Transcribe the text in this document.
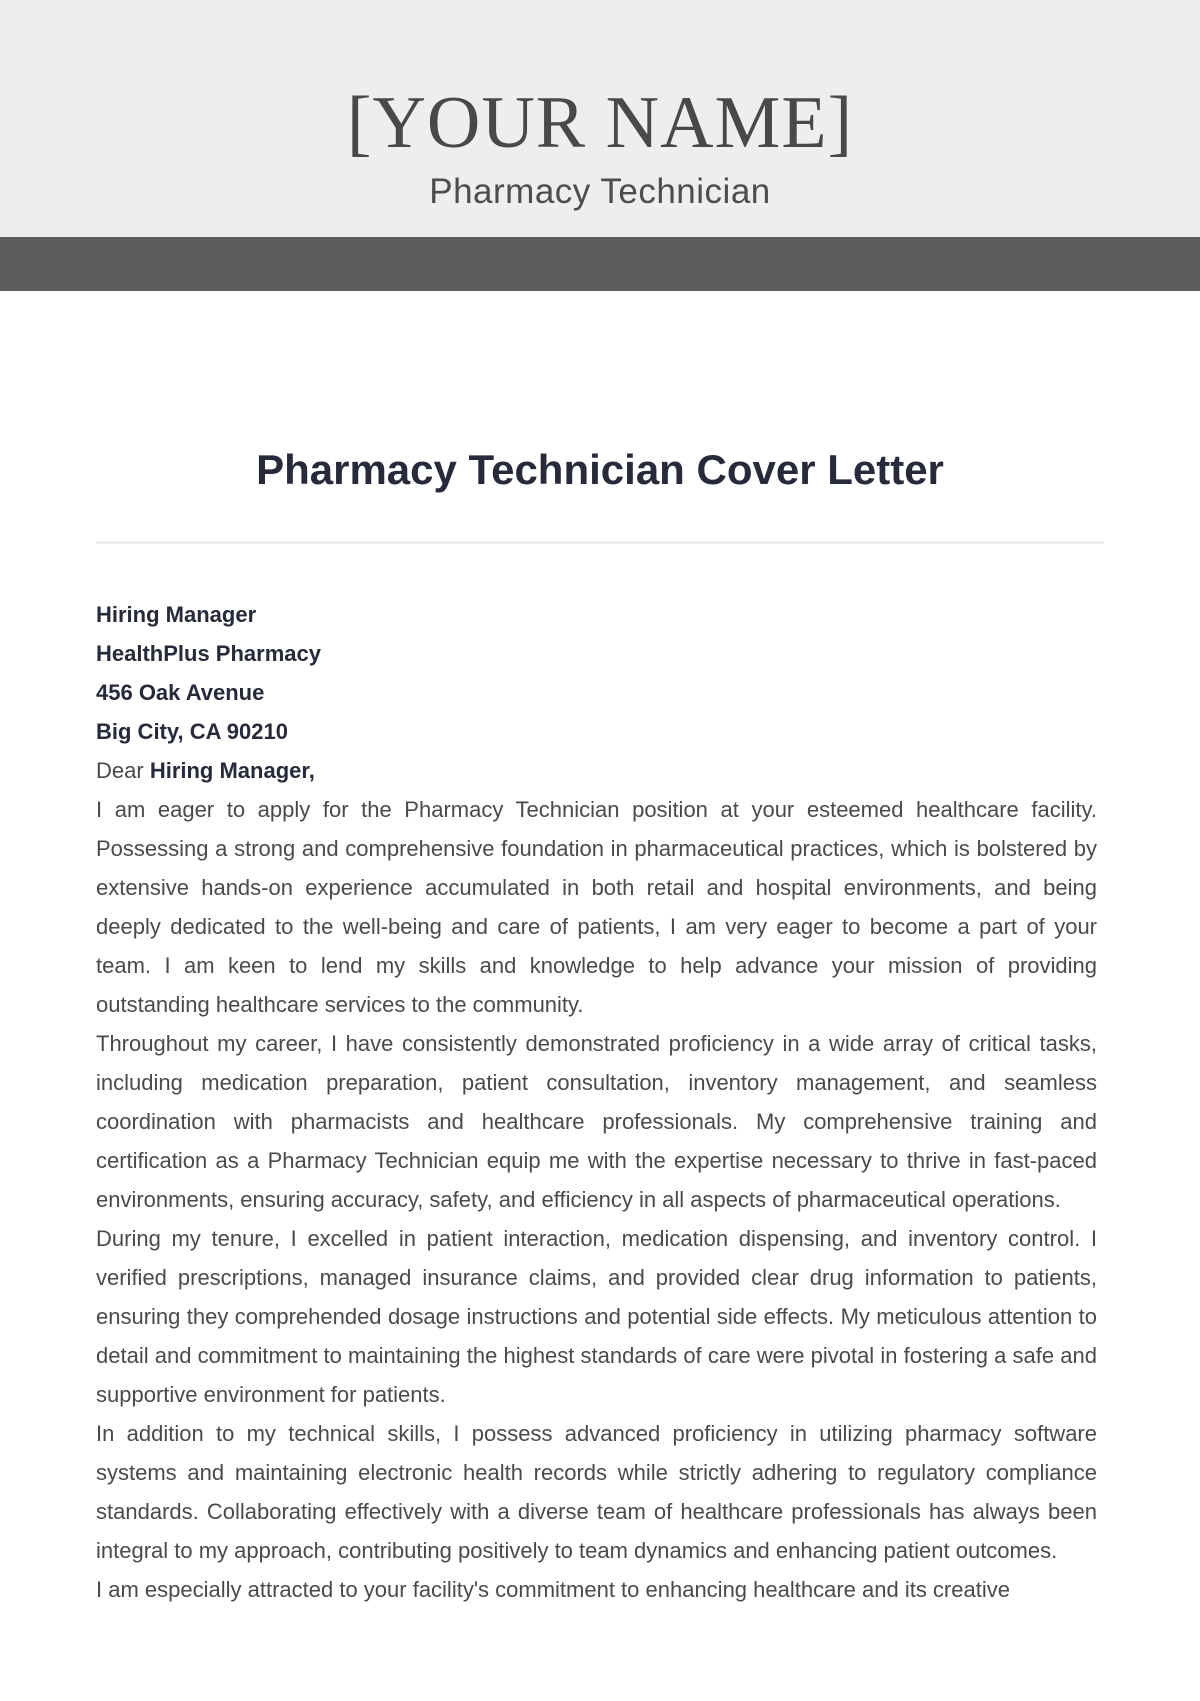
[YOUR NAME]
Pharmacy Technician
Pharmacy Technician Cover Letter

Hiring Manager

HealthPlus Pharmacy

456 Oak Avenue

Big City, CA 90210

Dear Hiring Manager,

I am eager to apply for the Pharmacy Technician position at your esteemed healthcare facility. Possessing a strong and comprehensive foundation in pharmaceutical practices, which is bolstered by extensive hands-on experience accumulated in both retail and hospital environments, and being deeply dedicated to the well-being and care of patients, I am very eager to become a part of your team. I am keen to lend my skills and knowledge to help advance your mission of providing outstanding healthcare services to the community.

Throughout my career, I have consistently demonstrated proficiency in a wide array of critical tasks, including medication preparation, patient consultation, inventory management, and seamless coordination with pharmacists and healthcare professionals. My comprehensive training and certification as a Pharmacy Technician equip me with the expertise necessary to thrive in fast-paced environments, ensuring accuracy, safety, and efficiency in all aspects of pharmaceutical operations.

During my tenure, I excelled in patient interaction, medication dispensing, and inventory control. I verified prescriptions, managed insurance claims, and provided clear drug information to patients, ensuring they comprehended dosage instructions and potential side effects. My meticulous attention to detail and commitment to maintaining the highest standards of care were pivotal in fostering a safe and supportive environment for patients.

In addition to my technical skills, I possess advanced proficiency in utilizing pharmacy software systems and maintaining electronic health records while strictly adhering to regulatory compliance standards. Collaborating effectively with a diverse team of healthcare professionals has always been integral to my approach, contributing positively to team dynamics and enhancing patient outcomes.

I am especially attracted to your facility's commitment to enhancing healthcare and its creative
